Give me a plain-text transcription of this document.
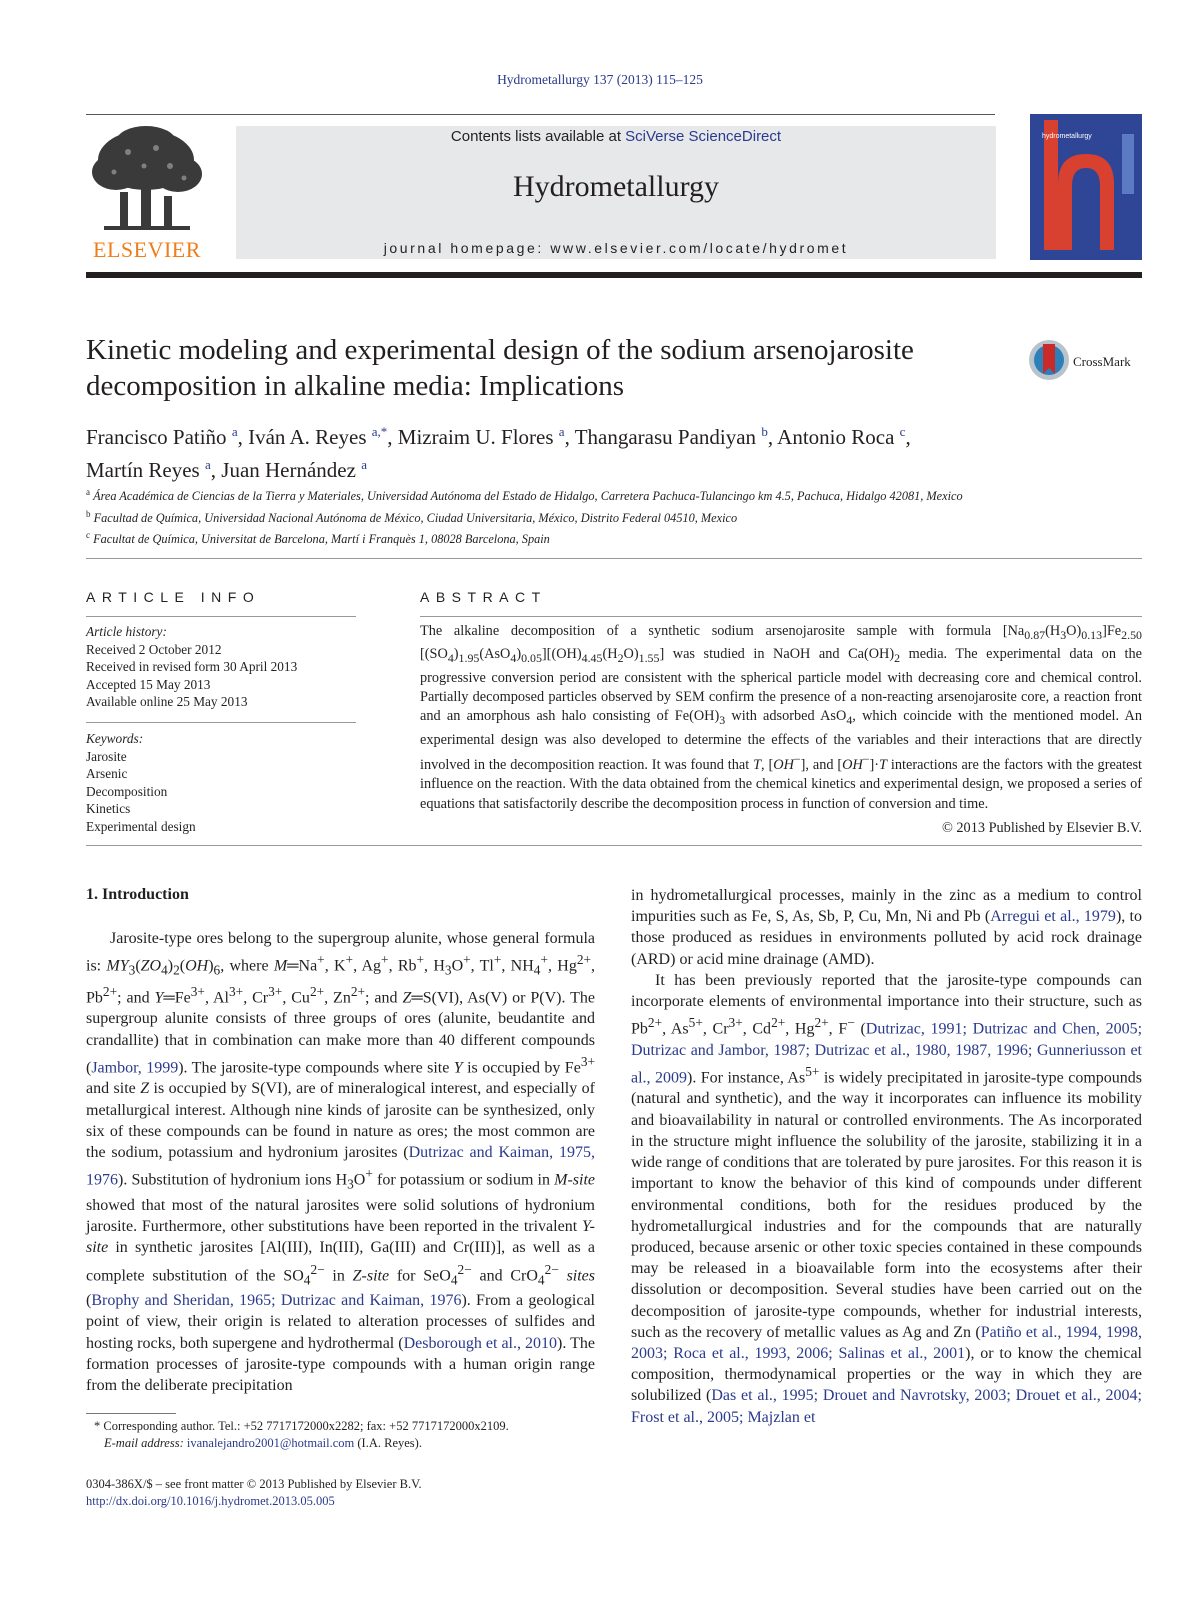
Hydrometallurgy 137 (2013) 115–125
ELSEVIER
Contents lists available at SciVerse ScienceDirect
Hydrometallurgy
journal homepage: www.elsevier.com/locate/hydromet
hydrometallurgy
Kinetic modeling and experimental design of the sodium arsenojarosite decomposition in alkaline media: Implications
CrossMark
Francisco Patiño $^a$, Iván A. Reyes $^{a,*}$, Mizraim U. Flores $^a$, Thangarasu Pandiyan $^b$, Antonio Roca $^c$,
Martín Reyes $^a$, Juan Hernández $^a$
$^a$ Área Académica de Ciencias de la Tierra y Materiales, Universidad Autónoma del Estado de Hidalgo, Carretera Pachuca-Tulancingo km 4.5, Pachuca, Hidalgo 42081, Mexico
$^b$ Facultad de Química, Universidad Nacional Autónoma de México, Ciudad Universitaria, México, Distrito Federal 04510, Mexico
$^c$ Facultat de Química, Universitat de Barcelona, Martí i Franquès 1, 08028 Barcelona, Spain
ARTICLE INFO	ABSTRACT
Article history:
Received 2 October 2012
Received in revised form 30 April 2013
Accepted 15 May 2013
Available online 25 May 2013
Keywords:
Jarosite
Arsenic
Decomposition
Kinetics
Experimental design
The alkaline decomposition of a synthetic sodium arsenojarosite sample with formula $[Na_{0.87}(H_3O)_{0.13}]Fe_{2.50}$ $[(SO_4)_{1.95}(AsO_4)_{0.05}][(OH)_{4.45}(H_2O)_{1.55}]$ was studied in NaOH and $Ca(OH)_2$ media. The experimental data on the progressive conversion period are consistent with the spherical particle model with decreasing core and chemical control. Partially decomposed particles observed by SEM confirm the presence of a non-reacting arsenojarosite core, a reaction front and an amorphous ash halo consisting of $Fe(OH)_3$ with adsorbed AsO$_4$, which coincide with the mentioned model. An experimental design was also developed to determine the effects of the variables and their interactions that are directly involved in the decomposition reaction. It was found that T, [OH−], and [OH−]·T interactions are the factors with the greatest influence on the reaction. With the data obtained from the chemical kinetics and experimental design, we proposed a series of equations that satisfactorily describe the decomposition process in function of conversion and time.
© 2013 Published by Elsevier B.V.
1. Introduction
Jarosite-type ores belong to the supergroup alunite, whose general formula is: $MY_3(ZO_4)_2(OH)_6$, where M═Na+, K+, Ag+, Rb+, $H_3O^+$, Tl+, $NH_4^+$, $Hg^{2+}$, $Pb^{2+}$; and $Y═Fe^{3+}$, $Al^{3+}$, $Cr^{3+}$, $Cu^{2+}$, $Zn^{2+}$; and Z═S(VI), As(V) or P(V). The supergroup alunite consists of three groups of ores (alunite, beudantite and crandallite) that in combination can make more than 40 different compounds (Jambor, 1999). The jarosite-type compounds where site Y is occupied by $Fe^{3+}$ and site Z is occupied by S(VI), are of mineralogical interest, and especially of metallurgical interest. Although nine kinds of jarosite can be synthesized, only six of these compounds can be found in nature as ores; the most common are the sodium, potassium and hydronium jarosites (Dutrizac and Kaiman, 1975, 1976). Substitution of hydronium ions $H_3O^+$ for potassium or sodium in M-site showed that most of the natural jarosites were solid solutions of hydronium jarosite. Furthermore, other substitutions have been reported in the trivalent Y-site in synthetic jarosites [Al(III), In(III), Ga(III) and Cr(III)], as well as a complete substitution of the $SO_4^{2-}$ in Z-site for SeO$_4^{2-}$ and CrO$_4^{2-}$ sites (Brophy and Sheridan, 1965; Dutrizac and Kaiman, 1976). From a geological point of view, their origin is related to alteration processes of sulfides and hosting rocks, both supergene and hydrothermal (Desborough et al., 2010). The formation processes of jarosite-type compounds with a human origin range from the deliberate precipitation

in hydrometallurgical processes, mainly in the zinc as a medium to control impurities such as Fe, S, As, Sb, P, Cu, Mn, Ni and Pb (Arregui et al., 1979), to those produced as residues in environments polluted by acid rock drainage (ARD) or acid mine drainage (AMD).

It has been previously reported that the jarosite-type compounds can incorporate elements of environmental importance into their structure, such as $Pb^{2+}$, $As^{5+}$, $Cr^{3+}$, $Cd^{2+}$, $Hg^{2+}$, F− (Dutrizac, 1991; Dutrizac and Chen, 2005; Dutrizac and Jambor, 1987; Dutrizac et al., 1980, 1987, 1996; Gunneriusson et al., 2009). For instance, $As^{5+}$ is widely precipitated in jarosite-type compounds (natural and synthetic), and the way it incorporates can influence its mobility and bioavailability in natural or controlled environments. The As incorporated in the structure might influence the solubility of the jarosite, stabilizing it in a wide range of conditions that are tolerated by pure jarosites. For this reason it is important to know the behavior of this kind of compounds under different environmental conditions, both for the residues produced by the hydrometallurgical industries and for the compounds that are naturally produced, because arsenic or other toxic species contained in these compounds may be released in a bioavailable form into the ecosystems after their dissolution or decomposition. Several studies have been carried out on the decomposition of jarosite-type compounds, whether for industrial interests, such as the recovery of metallic values as Ag and Zn (Patiño et al., 1994, 1998, 2003; Roca et al., 1993, 2006; Salinas et al., 2001), or to know the chemical composition, thermodynamical properties or the way in which they are solubilized (Das et al., 1995; Drouet and Navrotsky, 2003; Drouet et al., 2004; Frost et al., 2005; Majzlan et

* Corresponding author. Tel.: +52 7717172000x2282; fax: +52 7717172000x2109.
E-mail address: ivanalejandro2001@hotmail.com (I.A. Reyes).
0304-386X/$ – see front matter © 2013 Published by Elsevier B.V.
http://dx.doi.org/10.1016/j.hydromet.2013.05.005
